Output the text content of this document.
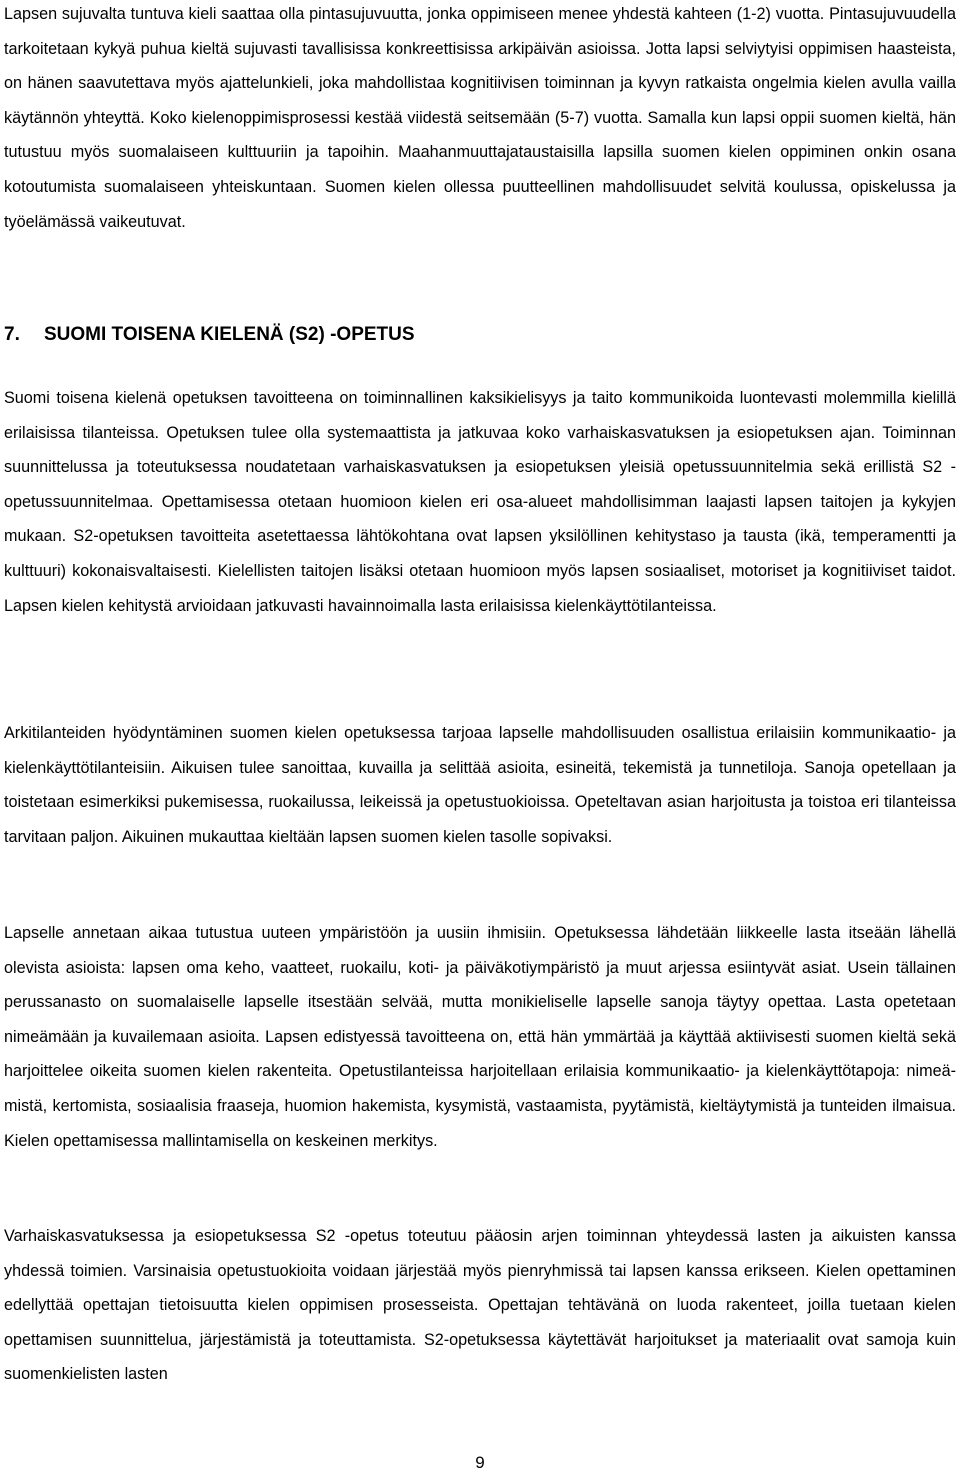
Lapsen sujuvalta tuntuva kieli saattaa olla pintasujuvuutta, jonka oppimiseen menee yhdestä kahteen (1-2) vuotta. Pintasujuvuudella tarkoitetaan kykyä puhua kieltä sujuvasti tavallisissa konkreettisissa arkipäivän asioissa. Jotta lapsi selviytyisi oppimisen haasteista, on hänen saavutettava myös ajattelunkieli, joka mahdollistaa kognitiivisen toiminnan ja kyvyn ratkaista ongelmia kielen avulla vailla käytännön yhteyttä. Koko kielenoppimisprosessi kestää viidestä seitsemään (5-7) vuotta. Samalla kun lapsi oppii suomen kieltä, hän tutustuu myös suomalaiseen kulttuuriin ja tapoihin. Maahanmuuttajataustaisilla lapsilla suomen kielen oppiminen onkin osana kotoutumista suomalaiseen yhteiskuntaan. Suomen kielen ollessa puutteellinen mahdollisuudet selvitä koulussa, opiskelussa ja työelämässä vaikeutuvat.

7. SUOMI TOISENA KIELENÄ (S2) -OPETUS

Suomi toisena kielenä opetuksen tavoitteena on toiminnallinen kaksikielisyys ja taito kommunikoida luontevasti molemmilla kielillä erilaisissa tilanteissa. Opetuksen tulee olla systemaattista ja jatkuvaa koko varhaiskasvatuksen ja esiopetuksen ajan. Toiminnan suunnittelussa ja toteutuksessa noudatetaan varhaiskasvatuksen ja esiopetuksen yleisiä opetussuunnitelmia sekä erillistä S2 -opetussuunnitelmaa. Opettamisessa otetaan huomioon kielen eri osa-alueet mahdollisimman laajasti lapsen taitojen ja kykyjen mukaan. S2-opetuksen tavoitteita asetettaessa lähtökohtana ovat lapsen yksilöllinen kehitystaso ja tausta (ikä, temperamentti ja kulttuuri) kokonaisvaltaisesti. Kielellisten taitojen lisäksi otetaan huomioon myös lapsen sosiaaliset, motoriset ja kognitiiviset taidot. Lapsen kielen kehitystä arvioidaan jatkuvasti havainnoimalla lasta erilaisissa kielenkäyttötilanteissa.

Arkitilanteiden hyödyntäminen suomen kielen opetuksessa tarjoaa lapselle mahdollisuuden osallistua erilaisiin kommunikaatio- ja kielenkäyttötilanteisiin. Aikuisen tulee sanoittaa, kuvailla ja selittää asioita, esineitä, tekemistä ja tunnetiloja. Sanoja opetellaan ja toistetaan esimerkiksi pukemisessa, ruokailussa, leikeissä ja opetustuokioissa. Opeteltavan asian harjoitusta ja toistoa eri tilanteissa tarvitaan paljon. Aikuinen mukauttaa kieltään lapsen suomen kielen tasolle sopivaksi.

Lapselle annetaan aikaa tutustua uuteen ympäristöön ja uusiin ihmisiin. Opetuksessa lähdetään liikkeelle lasta itseään lähellä olevista asioista: lapsen oma keho, vaatteet, ruokailu, koti- ja päiväkotiympäristö ja muut arjessa esiintyvät asiat. Usein tällainen perussanasto on suomalaiselle lapselle itsestään selvää, mutta monikieliselle lapselle sanoja täytyy opettaa. Lasta opetetaan nimeämään ja kuvailemaan asioita. Lapsen edistyessä tavoitteena on, että hän ymmärtää ja käyttää aktiivisesti suomen kieltä sekä harjoittelee oikeita suomen kielen rakenteita. Opetustilanteissa harjoitellaan erilaisia kommunikaatio- ja kielenkäyttötapoja: nimeämistä, kertomista, sosiaalisia fraaseja, huomion hakemista, kysymistä, vastaamista, pyytämistä, kieltäytymistä ja tunteiden ilmaisua. Kielen opettamisessa mallintamisella on keskeinen merkitys.

Varhaiskasvatuksessa ja esiopetuksessa S2 -opetus toteutuu pääosin arjen toiminnan yhteydessä lasten ja aikuisten kanssa yhdessä toimien. Varsinaisia opetustuokioita voidaan järjestää myös pienryhmissä tai lapsen kanssa erikseen. Kielen opettaminen edellyttää opettajan tietoisuutta kielen oppimisen prosesseista. Opettajan tehtävänä on luoda rakenteet, joilla tuetaan kielen opettamisen suunnittelua, järjestämistä ja toteuttamista. S2-opetuksessa käytettävät harjoitukset ja materiaalit ovat samoja kuin suomenkielisten lasten

9
